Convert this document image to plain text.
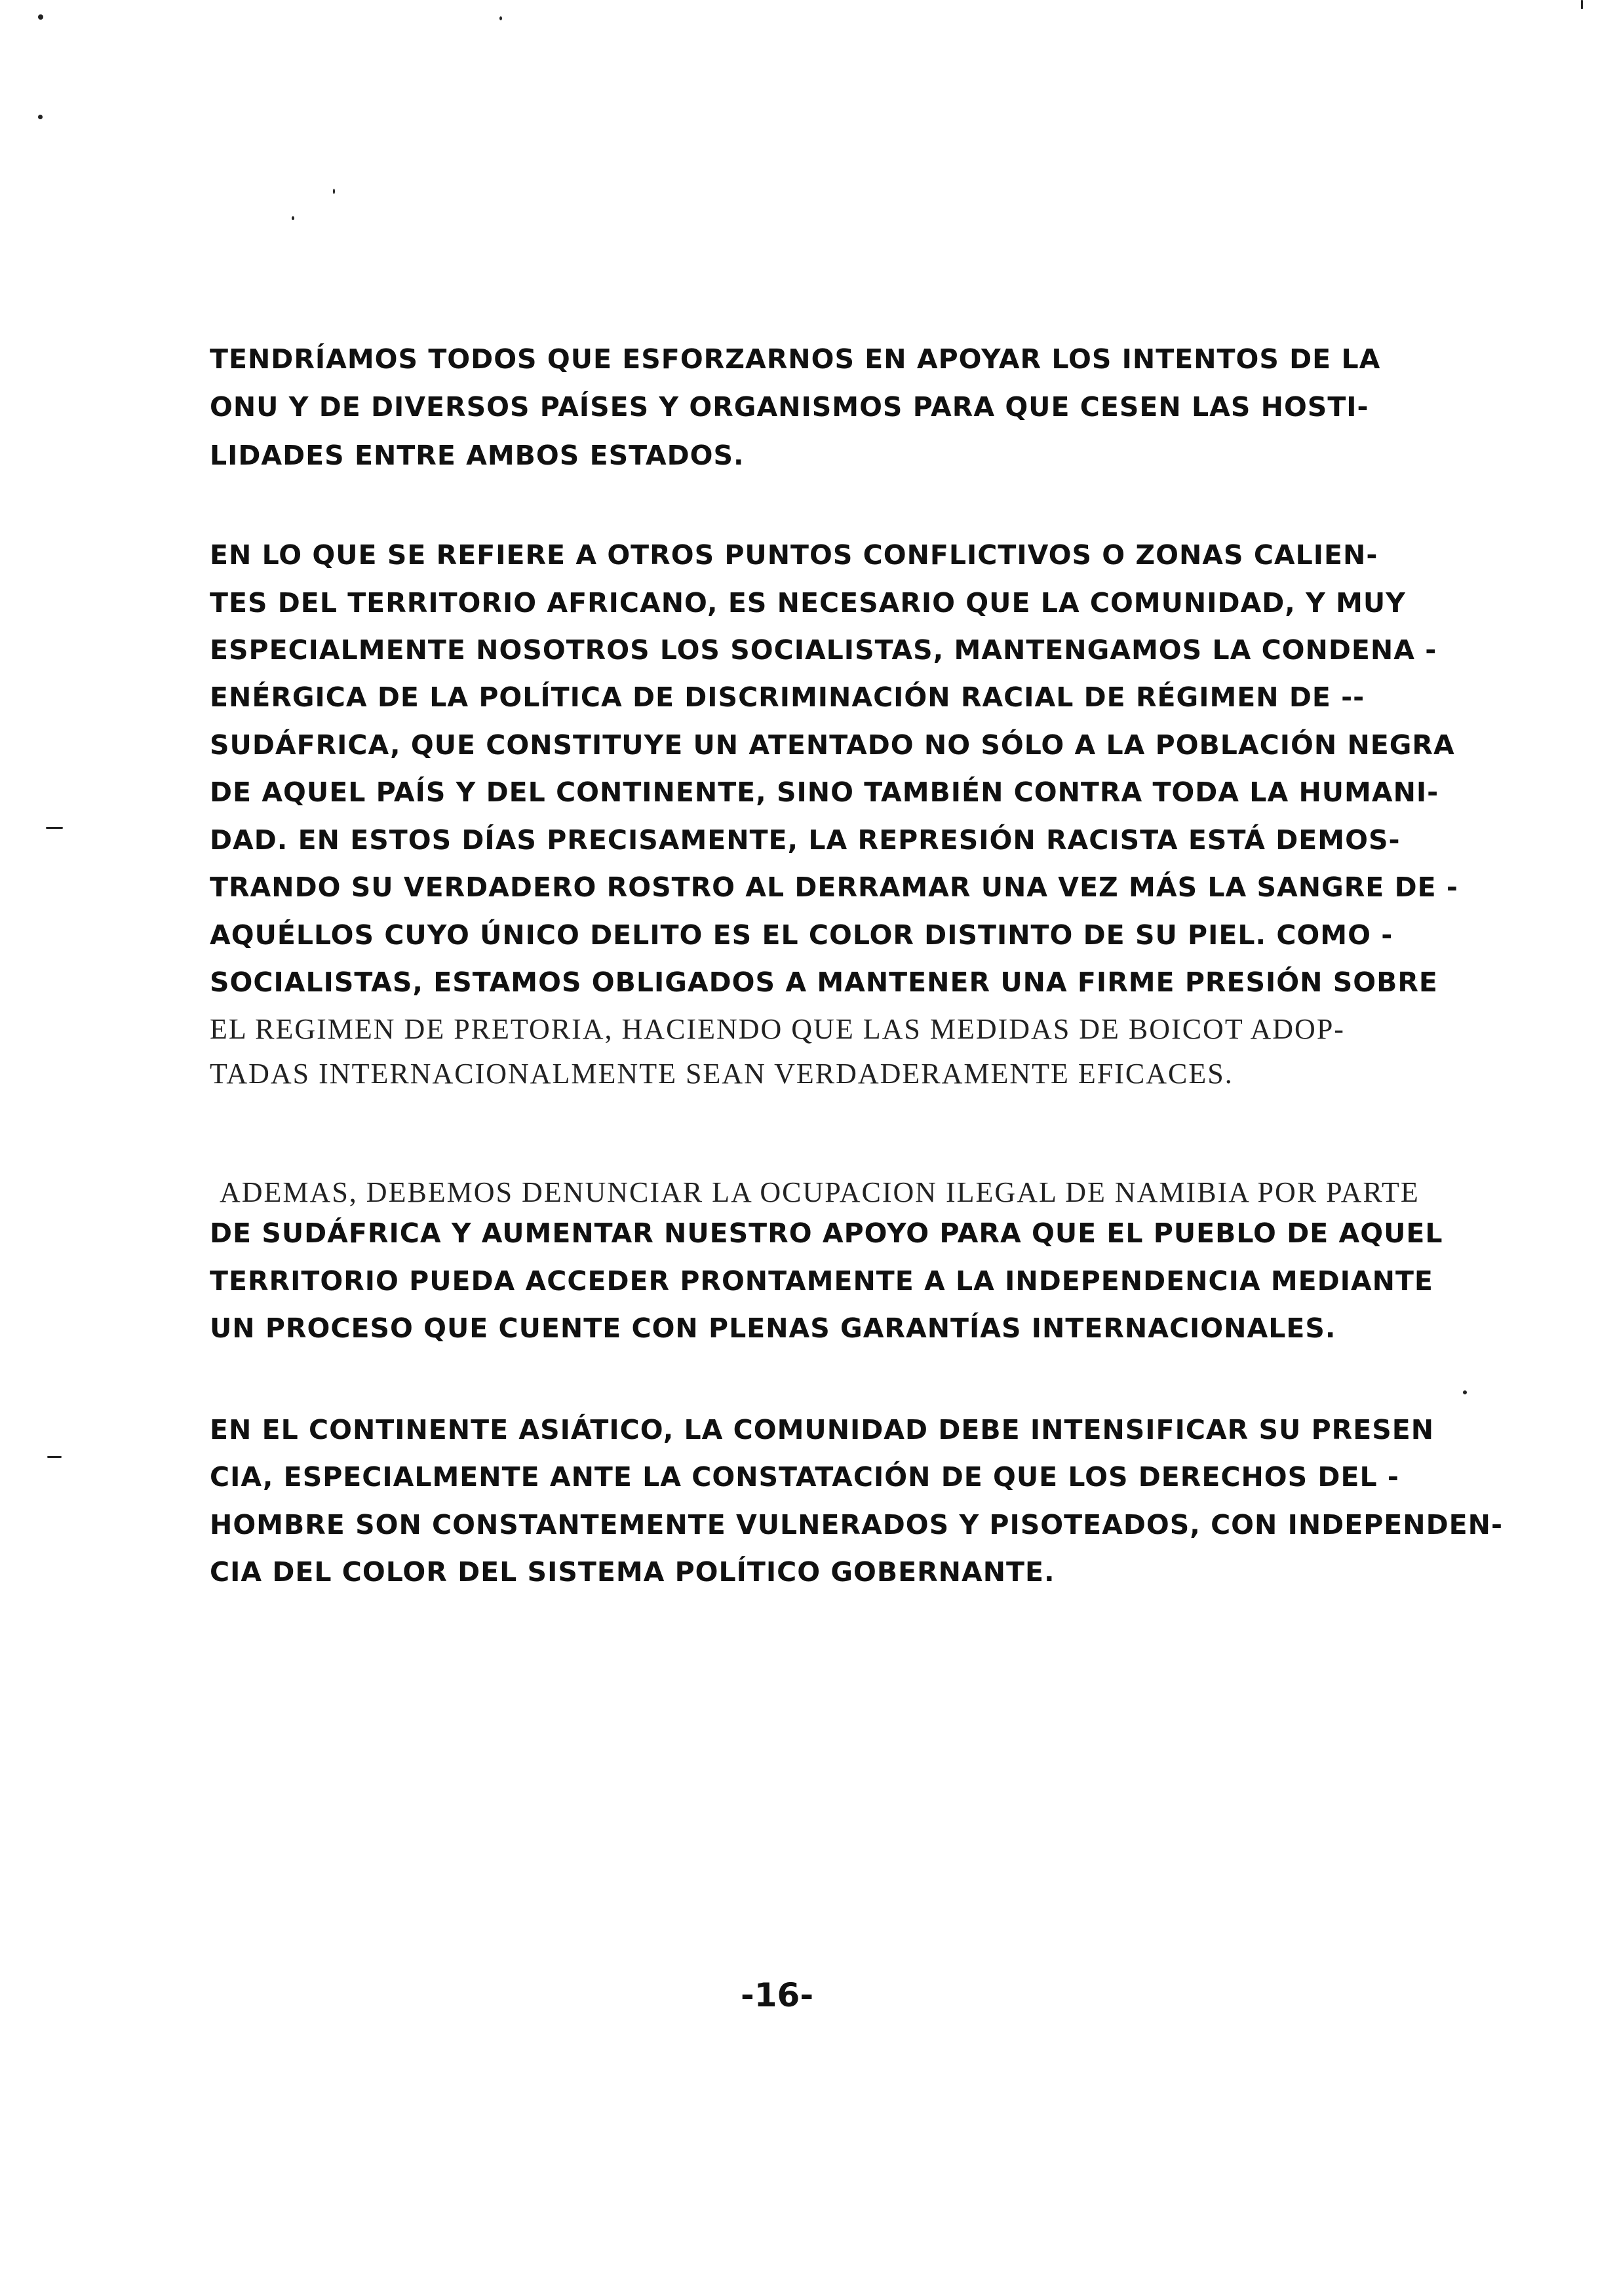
TENDRÍAMOS TODOS QUE ESFORZARNOS EN APOYAR LOS INTENTOS DE LA

ONU Y DE DIVERSOS PAÍSES Y ORGANISMOS PARA QUE CESEN LAS HOSTI-

LIDADES ENTRE AMBOS ESTADOS.

EN LO QUE SE REFIERE A OTROS PUNTOS CONFLICTIVOS O ZONAS CALIEN-

TES DEL TERRITORIO AFRICANO, ES NECESARIO QUE LA COMUNIDAD, Y MUY

ESPECIALMENTE NOSOTROS LOS SOCIALISTAS, MANTENGAMOS LA CONDENA -

ENÉRGICA DE LA POLÍTICA DE DISCRIMINACIÓN RACIAL DE RÉGIMEN DE --

SUDÁFRICA, QUE CONSTITUYE UN ATENTADO NO SÓLO A LA POBLACIÓN NEGRA

DE AQUEL PAÍS Y DEL CONTINENTE, SINO TAMBIÉN CONTRA TODA LA HUMANI-

DAD. EN ESTOS DÍAS PRECISAMENTE, LA REPRESIÓN RACISTA ESTÁ DEMOS-

TRANDO SU VERDADERO ROSTRO AL DERRAMAR UNA VEZ MÁS LA SANGRE DE -

AQUÉLLOS CUYO ÚNICO DELITO ES EL COLOR DISTINTO DE SU PIEL. COMO -

SOCIALISTAS, ESTAMOS OBLIGADOS A MANTENER UNA FIRME PRESIÓN SOBRE

EL REGIMEN DE PRETORIA, HACIENDO QUE LAS MEDIDAS DE BOICOT ADOP-

TADAS INTERNACIONALMENTE SEAN VERDADERAMENTE EFICACES.

ADEMAS, DEBEMOS DENUNCIAR LA OCUPACION ILEGAL DE NAMIBIA POR PARTE

DE SUDÁFRICA Y AUMENTAR NUESTRO APOYO PARA QUE EL PUEBLO DE AQUEL

TERRITORIO PUEDA ACCEDER PRONTAMENTE A LA INDEPENDENCIA MEDIANTE

UN PROCESO QUE CUENTE CON PLENAS GARANTÍAS INTERNACIONALES.

EN EL CONTINENTE ASIÁTICO, LA COMUNIDAD DEBE INTENSIFICAR SU PRESEN

CIA, ESPECIALMENTE ANTE LA CONSTATACIÓN DE QUE LOS DERECHOS DEL -

HOMBRE SON CONSTANTEMENTE VULNERADOS Y PISOTEADOS, CON INDEPENDEN-

CIA DEL COLOR DEL SISTEMA POLÍTICO GOBERNANTE.

-16-
